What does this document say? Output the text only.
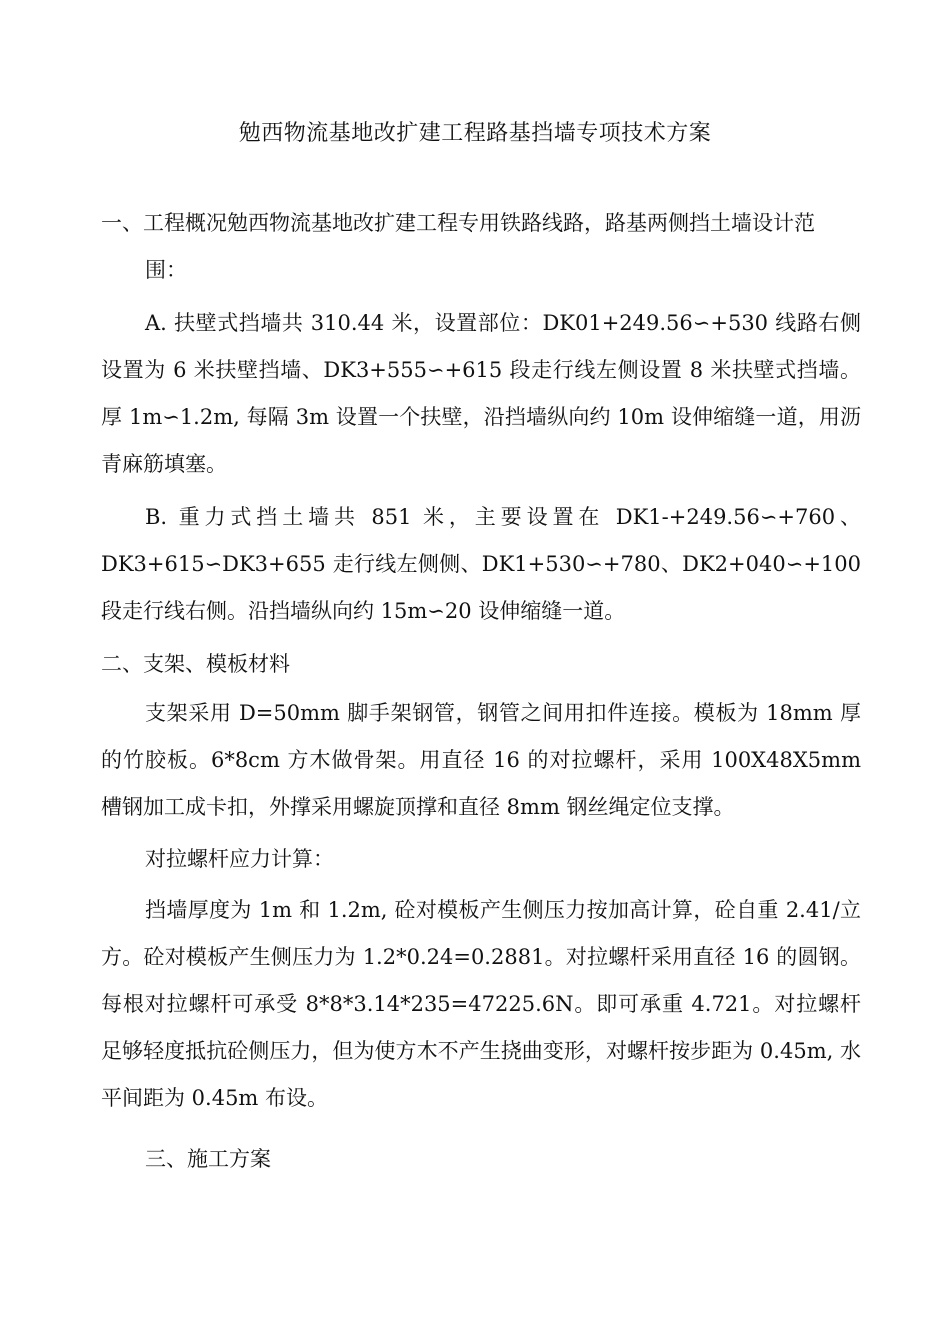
勉西物流基地改扩建工程路基挡墙专项技术方案
一、工程概况勉西物流基地改扩建工程专用铁路线路，路基两侧挡土墙设计范
围：
A. 扶壁式挡墙共 310.44 米，设置部位：DK01+249.56∽+530 线路右侧设置为 6 米扶壁挡墙、DK3+555∽+615 段走行线左侧设置 8 米扶壁式挡墙。厚 1m∽1.2m, 每隔 3m 设置一个扶壁，沿挡墙纵向约 10m 设伸缩缝一道，用沥青麻筋填塞。
B. 重力式挡土墙共 851 米，主要设置在 DK1-+249.56∽+760、DK3+615∽DK3+655 走行线左侧侧、DK1+530∽+780、DK2+040∽+100 段走行线右侧。沿挡墙纵向约 15m∽20 设伸缩缝一道。
二、支架、模板材料
支架采用 D=50mm 脚手架钢管，钢管之间用扣件连接。模板为 18mm 厚的竹胶板。6*8cm 方木做骨架。用直径 16 的对拉螺杆，采用 100X48X5mm 槽钢加工成卡扣，外撑采用螺旋顶撑和直径 8mm 钢丝绳定位支撑。
对拉螺杆应力计算：
挡墙厚度为 1m 和 1.2m, 砼对模板产生侧压力按加高计算，砼自重 2.41/立方。砼对模板产生侧压力为 1.2*0.24=0.2881。对拉螺杆采用直径 16 的圆钢。每根对拉螺杆可承受 8*8*3.14*235=47225.6N。即可承重 4.721。对拉螺杆足够轻度抵抗砼侧压力，但为使方木不产生挠曲变形，对螺杆按步距为 0.45m, 水平间距为 0.45m 布设。
三、施工方案
